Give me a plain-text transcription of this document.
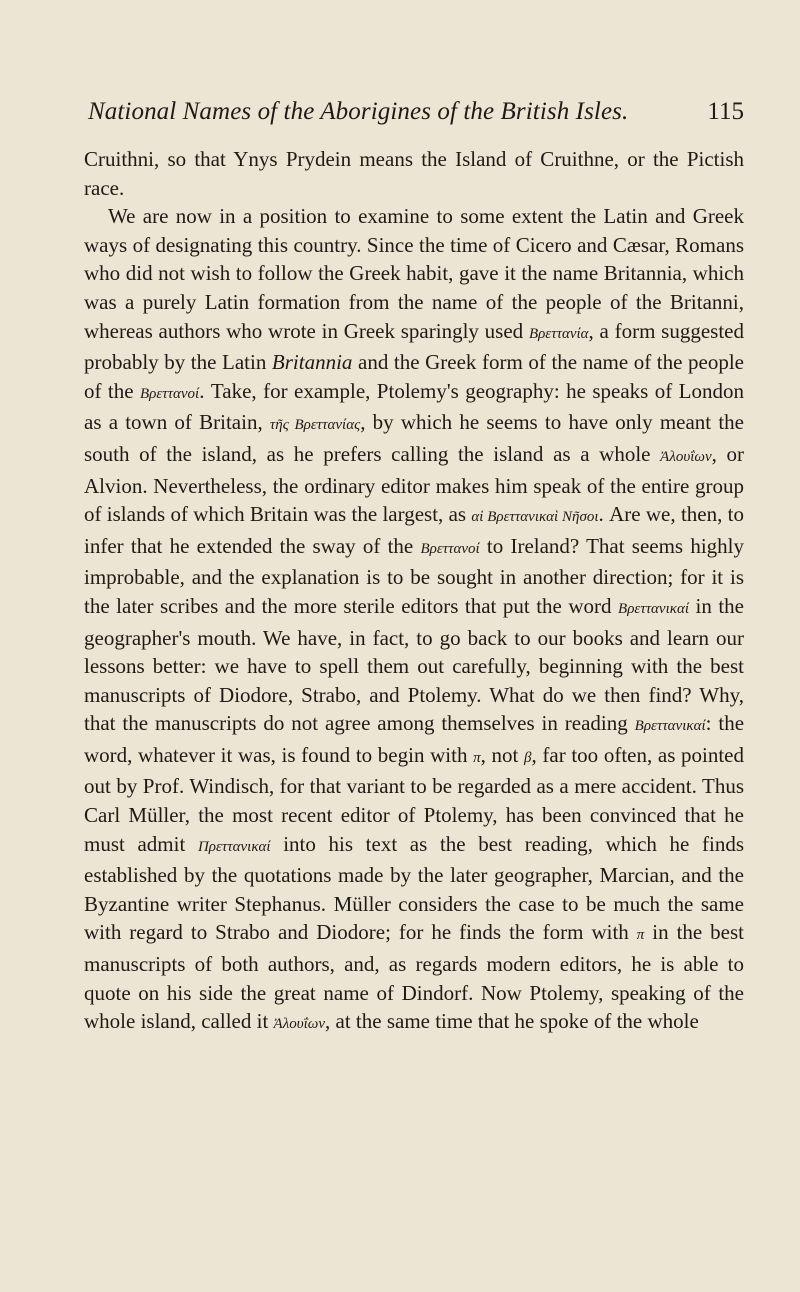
National Names of the Aborigines of the British Isles.	115

Cruithni, so that Ynys Prydein means the Island of Cruithne, or the Pictish race.

We are now in a position to examine to some extent the Latin and Greek ways of designating this country. Since the time of Cicero and Cæsar, Romans who did not wish to follow the Greek habit, gave it the name Britannia, which was a purely Latin formation from the name of the people of the Britanni, whereas authors who wrote in Greek sparingly used Βρεττανία, a form suggested probably by the Latin Britannia and the Greek form of the name of the people of the Βρεττανοί. Take, for example, Ptolemy's geography: he speaks of London as a town of Britain, τῆς Βρεττανίας, by which he seems to have only meant the south of the island, as he prefers calling the island as a whole Ἀλουΐων, or Alvion. Nevertheless, the ordinary editor makes him speak of the entire group of islands of which Britain was the largest, as αἱ Βρεττανικαὶ Νῆσοι. Are we, then, to infer that he extended the sway of the Βρεττανοί to Ireland? That seems highly improbable, and the explanation is to be sought in another direction; for it is the later scribes and the more sterile editors that put the word Βρεττανικαί in the geographer's mouth. We have, in fact, to go back to our books and learn our lessons better: we have to spell them out carefully, beginning with the best manuscripts of Diodore, Strabo, and Ptolemy. What do we then find? Why, that the manuscripts do not agree among themselves in reading Βρεττανικαί: the word, whatever it was, is found to begin with π, not β, far too often, as pointed out by Prof. Windisch, for that variant to be regarded as a mere accident. Thus Carl Müller, the most recent editor of Ptolemy, has been convinced that he must admit Πρεττανικαί into his text as the best reading, which he finds established by the quotations made by the later geographer, Marcian, and the Byzantine writer Stephanus. Müller considers the case to be much the same with regard to Strabo and Diodore; for he finds the form with π in the best manuscripts of both authors, and, as regards modern editors, he is able to quote on his side the great name of Dindorf. Now Ptolemy, speaking of the whole island, called it Ἀλουΐων, at the same time that he spoke of the whole
